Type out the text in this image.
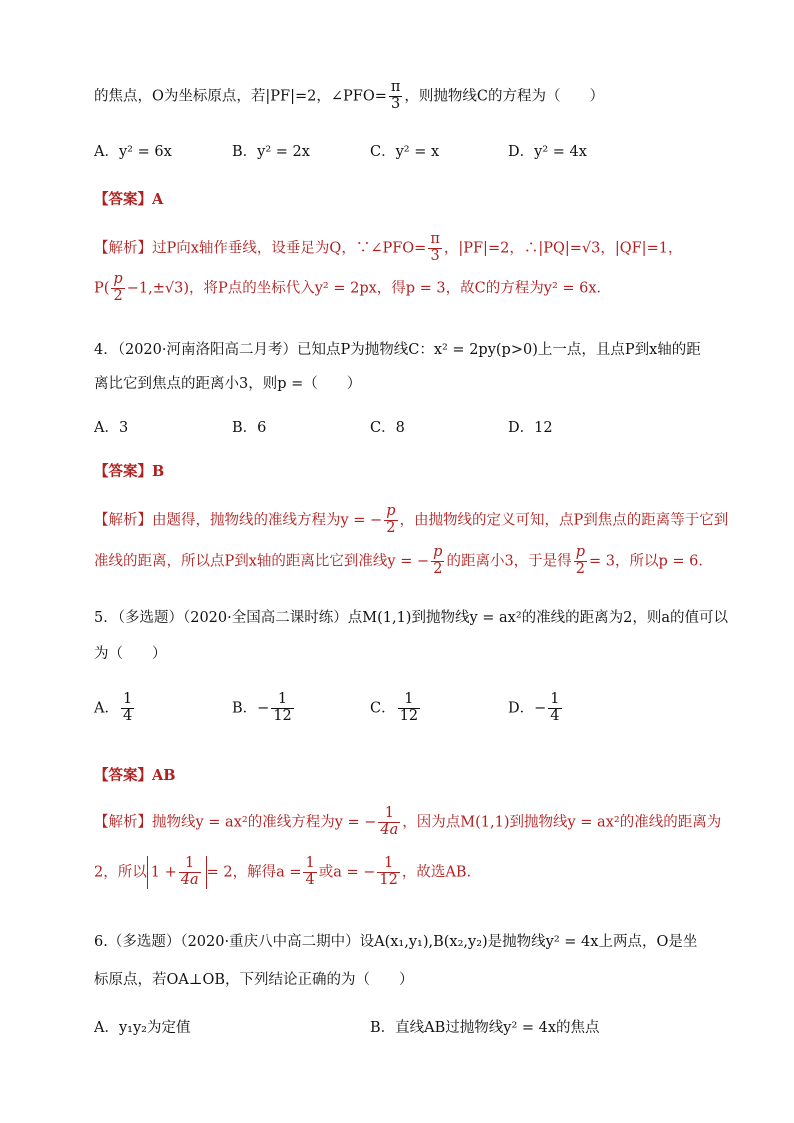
的焦点，O为坐标原点，若|PF|=2，∠PFO= $\frac{\pi}{3}$ ，则抛物线C的方程为（　　）
A．y² = 6x	B．y² = 2x	C．y² = x	D．y² = 4x
【答案】A
【解析】过P向x轴作垂线，设垂足为Q，∵∠PFO= $\frac{\pi}{3}$ ，|PF|=2，∴|PQ|=√3，|QF|=1，
$P( \frac{p}{2} -1,\pm√3)$，将P点的坐标代入y² = 2px，得p = 3，故C的方程为y² = 6x．
4．（2020·河南洛阳高二月考）已知点P为抛物线C：x² = 2py(p>0)上一点，且点P到x轴的距
离比它到焦点的距离小3，则p =（　　）
A．3	B．6	C．8	D．12
【答案】B
【解析】由题得，抛物线的准线方程为y = − $\frac{p}{2}$ ，由抛物线的定义可知，点P到焦点的距离等于它到
准线的距离，所以点P到x轴的距离比它到准线y = − $\frac{p}{2}$ 的距离小3，于是得 $\frac{p}{2} = 3$，所以p = 6．
5．（多选题）（2020·全国高二课时练）点M(1,1)到抛物线y = ax²的准线的距离为2，则a的值可以
为（　　）
A． $\frac{1}{4}$	B．− $\frac{1}{12}$	C． $\frac{1}{12}$	D．− $\frac{1}{4}$
【答案】AB
【解析】抛物线y = ax²的准线方程为y = − $\frac{1}{4a}$ ，因为点M(1,1)到抛物线y = ax²的准线的距离为
2，所以 $1 + \frac{1}{4a} = 2$，解得$a = \frac{1}{4}$ 或a = − $\frac{1}{12}$ ，故选AB.
6.（多选题）（2020·重庆八中高二期中）设A(x₁,y₁),B(x₂,y₂)是抛物线y² = 4x上两点，O是坐
标原点，若OA⊥OB，下列结论正确的为（　　）
A．y₁y₂为定值	B．直线AB过抛物线y² = 4x的焦点
